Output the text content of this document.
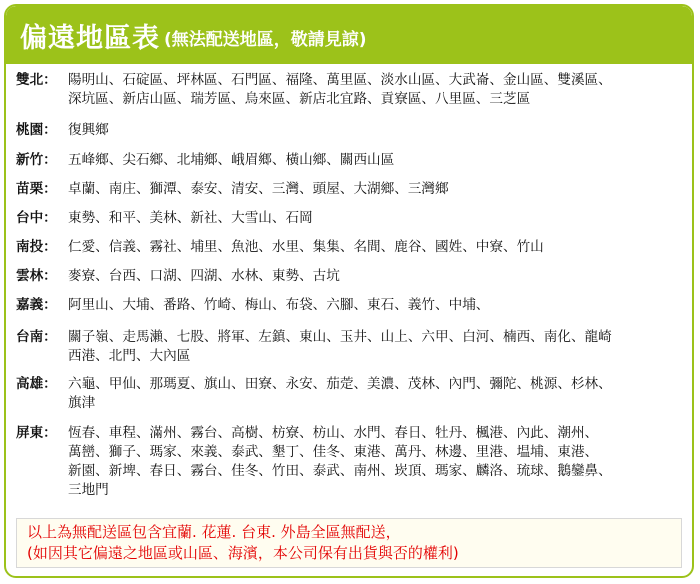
偏遠地區表 (無法配送地區，敬請見諒)
雙北： 陽明山、石碇區、坪林區、石門區、福隆、萬里區、淡水山區、大武崙、金山區、雙溪區、
深坑區、新店山區、瑞芳區、烏來區、新店北宜路、貢寮區、八里區、三芝區
桃園： 復興鄉
新竹： 五峰鄉、尖石鄉、北埔鄉、峨眉鄉、橫山鄉、關西山區
苗栗： 卓蘭、南庄、獅潭、泰安、清安、三灣、頭屋、大湖鄉、三灣鄉
台中： 東勢、和平、美林、新社、大雪山、石岡
南投： 仁愛、信義、霧社、埔里、魚池、水里、集集、名間、鹿谷、國姓、中寮、竹山
雲林： 麥寮、台西、口湖、四湖、水林、東勢、古坑
嘉義： 阿里山、大埔、番路、竹崎、梅山、布袋、六腳、東石、義竹、中埔、
台南： 關子嶺、走馬瀨、七股、將軍、左鎮、東山、玉井、山上、六甲、白河、楠西、南化、龍崎
西港、北門、大內區
高雄： 六龜、甲仙、那瑪夏、旗山、田寮、永安、茄萣、美濃、茂林、內門、彌陀、桃源、杉林、
旗津
屏東： 恆春、車程、滿州、霧台、高樹、枋寮、枋山、水門、春日、牡丹、楓港、內此、潮州、
萬巒、獅子、瑪家、來義、泰武、墾丁、佳冬、東港、萬丹、林邊、里港、塭埔、東港、
新園、新埤、春日、霧台、佳冬、竹田、泰武、南州、崁頂、瑪家、麟洛、琉球、鵝鑾鼻、
三地門
以上為無配送區包含宜蘭. 花蓮. 台東. 外島全區無配送，
(如因其它偏遠之地區或山區、海濱，本公司保有出貨與否的權利)
